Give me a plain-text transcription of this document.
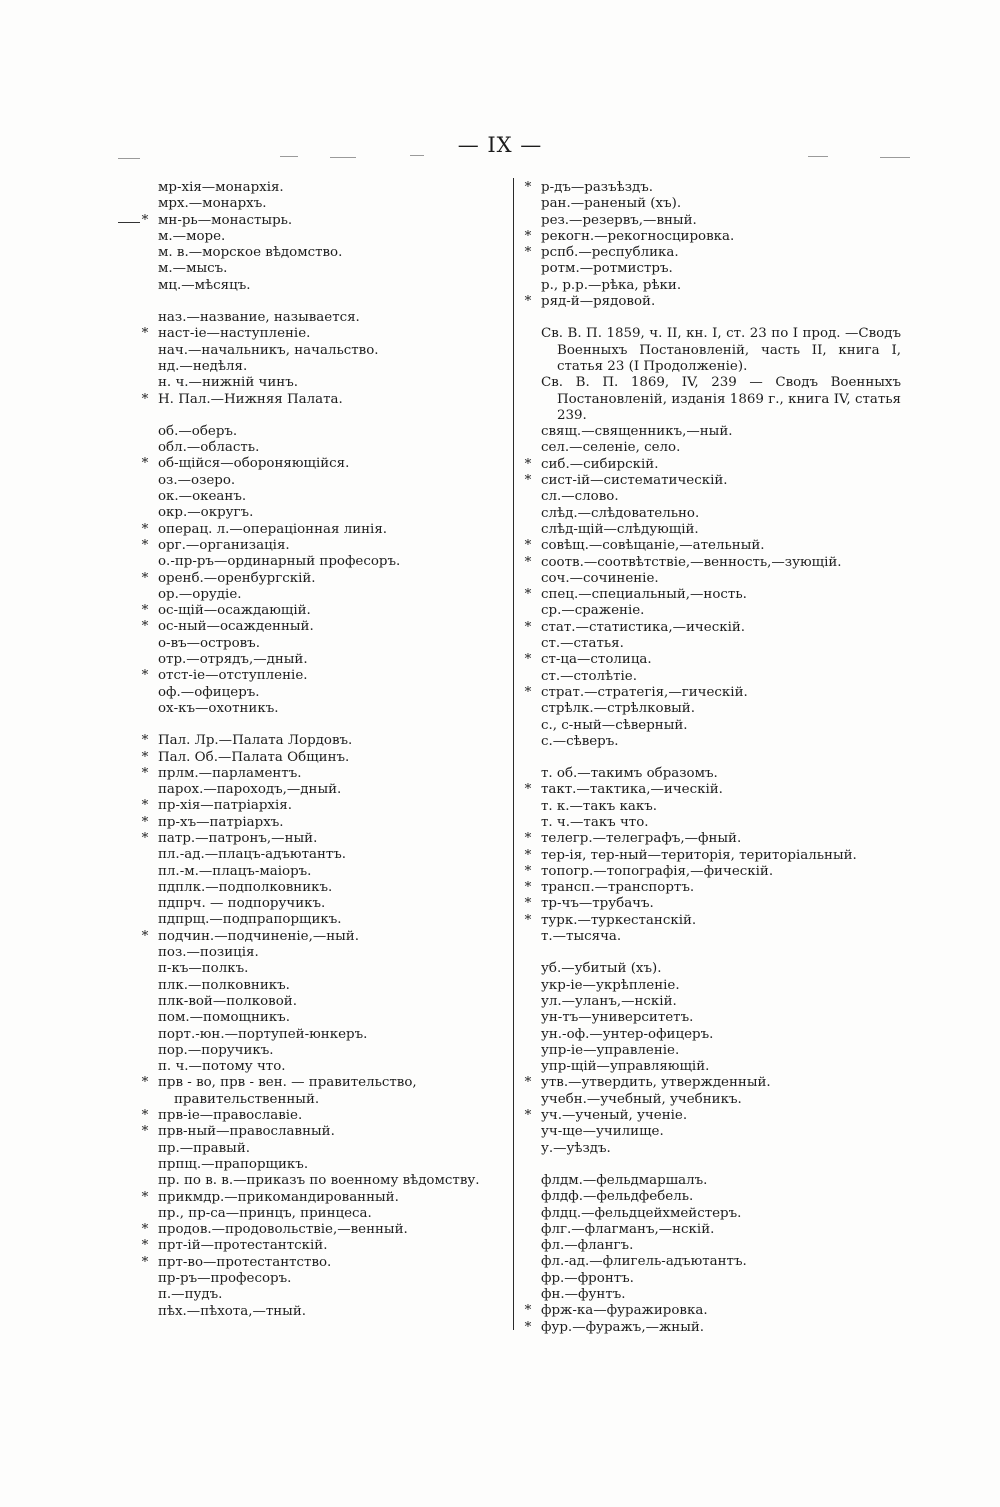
— IX —
мр-хія—монархія.
мрх.—монархъ.
* мн-рь—монастырь.
м.—море.
м. в.—морское вѣдомство.
м.—мысъ.
мц.—мѣсяцъ.
наз.—название, называется.
* наст-іе—наступленіе.
нач.—начальникъ, начальство.
нд.—недѣля.
н. ч.—нижній чинъ.
* Н. Пал.—Нижняя Палата.
об.—оберъ.
обл.—область.
* об-щійся—обороняющійся.
оз.—озеро.
ок.—океанъ.
окр.—округъ.
* операц. л.—операціонная линія.
* орг.—организація.
о.-пр-ръ—ординарный професоръ.
* оренб.—оренбургскій.
ор.—орудіе.
* ос-щій—осаждающій.
* ос-ный—осажденный.
о-въ—островъ.
отр.—отрядъ,—дный.
* отст-іе—отступленіе.
оф.—офицеръ.
ох-къ—охотникъ.
* Пал. Лр.—Палата Лордовъ.
* Пал. Об.—Палата Общинъ.
* прлм.—парламентъ.
парох.—пароходъ,—дный.
* пр-хія—патріархія.
* пр-хъ—патріархъ.
* патр.—патронъ,—ный.
пл.-ад.—плацъ-адъютантъ.
пл.-м.—плацъ-маіоръ.
пдплк.—подполковникъ.
пдпрч. — подпоручикъ.
пдпрщ.—подпрапорщикъ.
* подчин.—подчиненіе,—ный.
поз.—позиція.
п-къ—полкъ.
плк.—полковникъ.
плк-вой—полковой.
пом.—помощникъ.
порт.-юн.—портупей-юнкеръ.
пор.—поручикъ.
п. ч.—потому что.
* прв - во, прв - вен. — правительство, правительственный.
* прв-іе—православіе.
* прв-ный—православный.
пр.—правый.
прпщ.—прапорщикъ.
пр. по в. в.—приказъ по военному вѣдомству.
* прикмдр.—прикомандированный.
пр., пр-са—принцъ, принцеса.
* продов.—продовольствіе,—венный.
* прт-ій—протестантскій.
* прт-во—протестантство.
пр-ръ—професоръ.
п.—пудъ.
пѣх.—пѣхота,—тный.
* р-дъ—разъѣздъ.
ран.—раненый (хъ).
рез.—резервъ,—вный.
* рекогн.—рекогносцировка.
* рспб.—республика.
ротм.—ротмистръ.
р., р.р.—рѣка, рѣки.
* ряд-й—рядовой.
Св. В. П. 1859, ч. II, кн. I, ст. 23 по I прод. —Сводъ Военныхъ Постановленій, часть II, книга I, статья 23 (I Продолженіе).
Св. В. П. 1869, IV, 239 — Сводъ Военныхъ Постановленій, изданія 1869 г., книга IV, статья 239.
свящ.—священникъ,—ный.
сел.—селеніе, село.
* сиб.—сибирскій.
* сист-ій—систематическій.
сл.—слово.
слѣд.—слѣдовательно.
слѣд-щій—слѣдующій.
* совѣщ.—совѣщаніе,—ательный.
* соотв.—соотвѣтствіе,—венность,—зующій.
соч.—сочиненіе.
* спец.—специальный,—ность.
ср.—сраженіе.
* стат.—статистика,—ическій.
ст.—статья.
* ст-ца—столица.
ст.—столѣтіе.
* страт.—стратегія,—гическій.
стрѣлк.—стрѣлковый.
с., с-ный—сѣверный.
с.—сѣверъ.
т. об.—такимъ образомъ.
* такт.—тактика,—ическій.
т. к.—такъ какъ.
т. ч.—такъ что.
* телегр.—телеграфъ,—фный.
* тер-ія, тер-ный—територія, територіальный.
* топогр.—топографія,—фическій.
* трансп.—транспортъ.
* тр-чъ—трубачъ.
* турк.—туркестанскій.
т.—тысяча.
уб.—убитый (хъ).
укр-іе—укрѣпленіе.
ул.—уланъ,—нскій.
ун-тъ—университетъ.
ун.-оф.—унтер-офицеръ.
упр-іе—управленіе.
упр-щій—управляющій.
* утв.—утвердить, утвержденный.
учебн.—учебный, учебникъ.
* уч.—ученый, ученіе.
уч-ще—училище.
у.—уѣздъ.
флдм.—фельдмаршалъ.
флдф.—фельдфебель.
флдц.—фельдцейхмейстеръ.
флг.—флагманъ,—нскій.
фл.—флангъ.
фл.-ад.—флигель-адъютантъ.
фр.—фронтъ.
фн.—фунтъ.
* фрж-ка—фуражировка.
* фур.—фуражъ,—жный.
